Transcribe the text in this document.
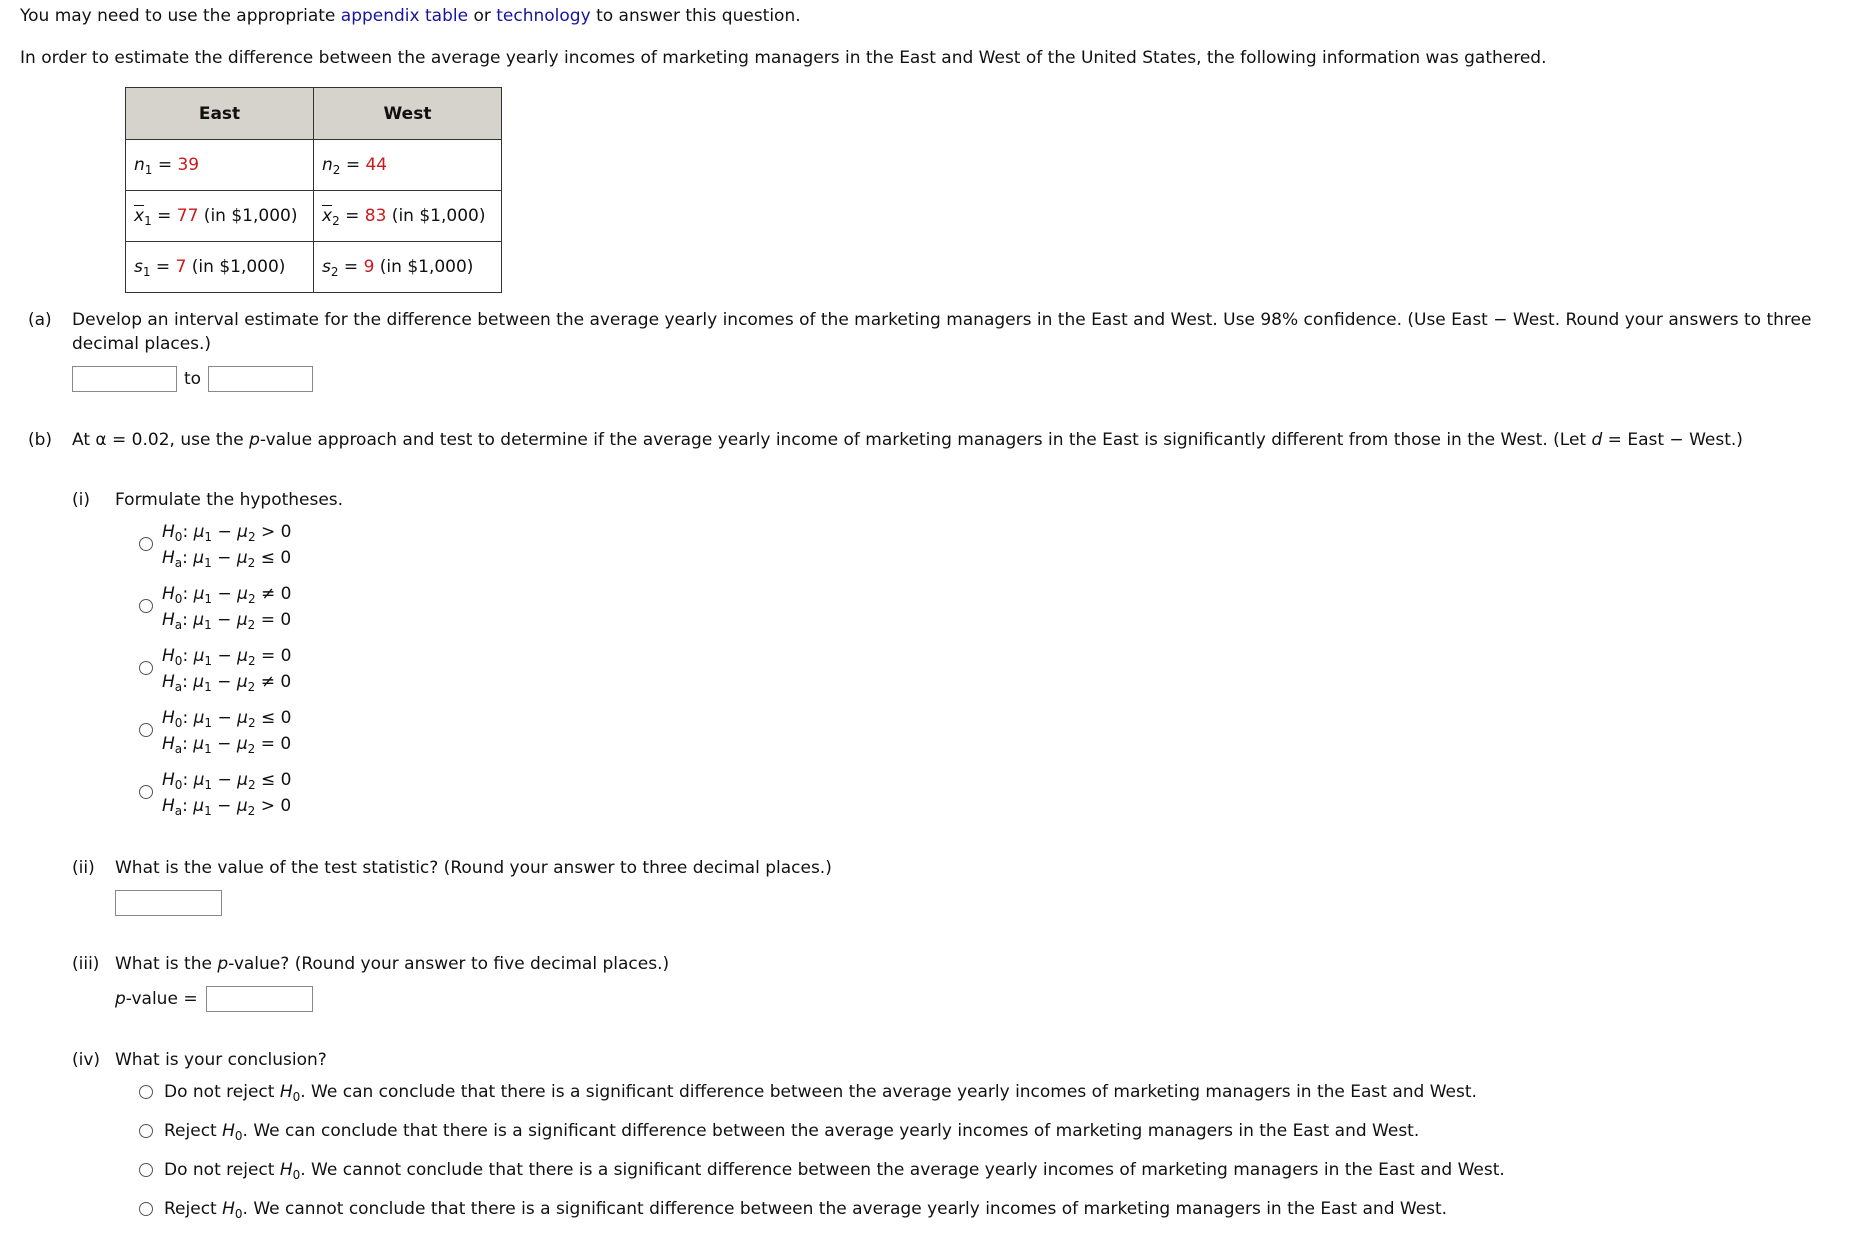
You may need to use the appropriate appendix table or technology to answer this question.
In order to estimate the difference between the average yearly incomes of marketing managers in the East and West of the United States, the following information was gathered.
East	West
$n_1 = 39$	$n_2 = 44$
$\overline{x}_1 = 77$ (in $1,000)	$\overline{x}_2 = 83$ (in $1,000)
$s_1 = 7$ (in $1,000)	$s_2 = 9$ (in $1,000)
(a) Develop an interval estimate for the difference between the average yearly incomes of the marketing managers in the East and West. Use 98% confidence. (Use East − West. Round your answers to three
decimal places.)
to
(b) At α = 0.02, use the p-value approach and test to determine if the average yearly income of marketing managers in the East is significantly different from those in the West. (Let d = East − West.)
(i) Formulate the hypotheses.
$H_0$: $\mu_1 - \mu_2 > 0$
$H_a$: $\mu_1 - \mu_2 \le 0$
$H_0$: $\mu_1 - \mu_2 \ne 0$
$H_a$: $\mu_1 - \mu_2 = 0$
$H_0$: $\mu_1 - \mu_2 = 0$
$H_a$: $\mu_1 - \mu_2 \ne 0$
$H_0$: $\mu_1 - \mu_2 \le 0$
$H_a$: $\mu_1 - \mu_2 = 0$
$H_0$: $\mu_1 - \mu_2 \le 0$
$H_a$: $\mu_1 - \mu_2 > 0$
(ii) What is the value of the test statistic? (Round your answer to three decimal places.)
(iii) What is the p-value? (Round your answer to five decimal places.)
p-value =
(iv) What is your conclusion?
Do not reject $H_0$. We can conclude that there is a significant difference between the average yearly incomes of marketing managers in the East and West.
Reject $H_0$. We can conclude that there is a significant difference between the average yearly incomes of marketing managers in the East and West.
Do not reject $H_0$. We cannot conclude that there is a significant difference between the average yearly incomes of marketing managers in the East and West.
Reject $H_0$. We cannot conclude that there is a significant difference between the average yearly incomes of marketing managers in the East and West.
